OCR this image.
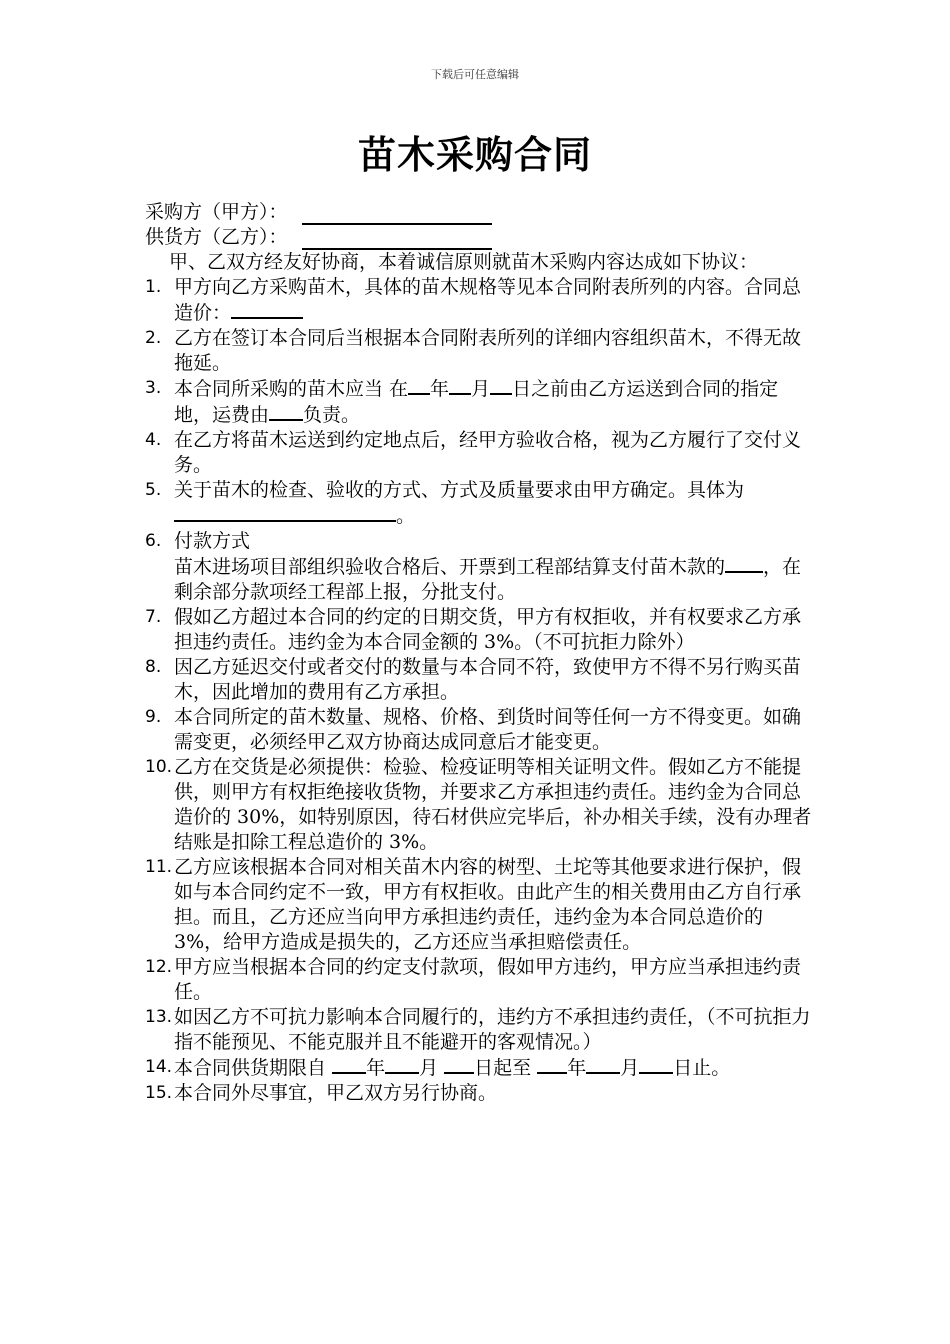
下载后可任意编辑
苗木采购合同
采购方（甲方）：
供货方（乙方）：

甲、乙双方经友好协商，本着诚信原则就苗木采购内容达成如下协议：

1. 甲方向乙方采购苗木，具体的苗木规格等见本合同附表所列的内容。合同总造价：
2. 乙方在签订本合同后当根据本合同附表所列的详细内容组织苗木，不得无故拖延。
3. 本合同所采购的苗木应当 在 年 月 日之前由乙方运送到合同的指定地，运费由 负责。
4. 在乙方将苗木运送到约定地点后，经甲方验收合格，视为乙方履行了交付义务。
5. 关于苗木的检查、验收的方式、方式及质量要求由甲方确定。具体为。
6. 付款方式
苗木进场项目部组织验收合格后、开票到工程部结算支付苗木款的 ，在剩余部分款项经工程部上报，分批支付。
7. 假如乙方超过本合同的约定的日期交货，甲方有权拒收，并有权要求乙方承担违约责任。违约金为本合同金额的 3%。（不可抗拒力除外）
8. 因乙方延迟交付或者交付的数量与本合同不符，致使甲方不得不另行购买苗木，因此增加的费用有乙方承担。
9. 本合同所定的苗木数量、规格、价格、到货时间等任何一方不得变更。如确需变更，必须经甲乙双方协商达成同意后才能变更。
10. 乙方在交货是必须提供：检验、检疫证明等相关证明文件。假如乙方不能提供，则甲方有权拒绝接收货物，并要求乙方承担违约责任。违约金为合同总造价的 30%，如特别原因，待石材供应完毕后，补办相关手续，没有办理者结账是扣除工程总造价的 3%。
11. 乙方应该根据本合同对相关苗木内容的树型、土坨等其他要求进行保护，假如与本合同约定不一致，甲方有权拒收。由此产生的相关费用由乙方自行承担。而且，乙方还应当向甲方承担违约责任，违约金为本合同总造价的 3%，给甲方造成是损失的，乙方还应当承担赔偿责任。
12. 甲方应当根据本合同的约定支付款项，假如甲方违约，甲方应当承担违约责任。
13. 如因乙方不可抗力影响本合同履行的，违约方不承担违约责任，（不可抗拒力指不能预见、不能克服并且不能避开的客观情况。）
14. 本合同供货期限自 年 月 日起至 年 月 日止。
15. 本合同外尽事宜，甲乙双方另行协商。
